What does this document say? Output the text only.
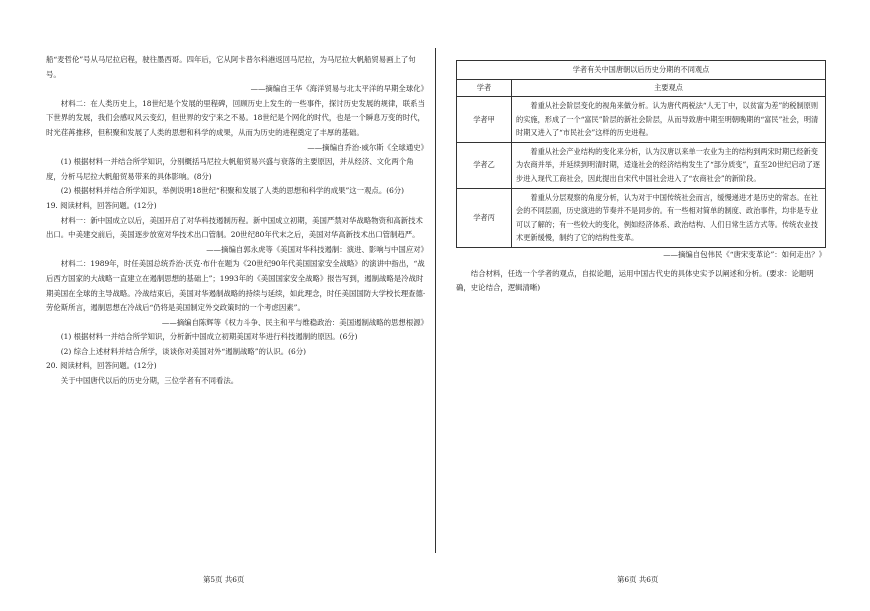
船“麦哲伦”号从马尼拉启程，驶往墨西哥。四年后，它从阿卡普尔科港返回马尼拉，为马尼拉大帆船贸易画上了句号。

——摘编自王华《海洋贸易与北太平洋的早期全球化》

材料二：在人类历史上，18世纪是个发展的里程碑，回顾历史上发生的一些事件，探讨历史发展的规律，联系当下世界的发展，我们会感叹风云变幻，但世界的安宁来之不易。18世纪是个网化的时代，也是一个瞬息万变的时代，时光荏苒推移，但积聚和发展了人类的思想和科学的成果，从而为历史的进程奠定了丰厚的基础。

——摘编自乔治·威尔斯《全球通史》

(1) 根据材料一并结合所学知识，分别概括马尼拉大帆船贸易兴盛与衰落的主要原因，并从经济、文化两个角度，分析马尼拉大帆船贸易带来的具体影响。(8分)

(2) 根据材料并结合所学知识，举例说明18世纪“积聚和发展了人类的思想和科学的成果”这一观点。(6分)

19. 阅读材料，回答问题。(12分)

材料一：新中国成立以后，美国开启了对华科技遏制历程。新中国成立初期，美国严禁对华战略物资和高新技术出口。中美建交前后，美国逐步放宽对华技术出口管制。20世纪80年代末之后，美国对华高新技术出口管制趋严。

——摘编自郭永虎等《美国对华科技遏制：演进、影响与中国应对》

材料二：1989年，时任美国总统乔治·沃克·布什在题为《20世纪90年代美国国家安全战略》的演讲中指出，“战后西方国家的大战略一直建立在遏制思想的基础上”；1993年的《美国国家安全战略》报告写到，遏制战略是冷战时期美国在全球的主导战略。冷战结束后，美国对华遏制战略的持续与延续，如此理念，时任美国国防大学校长理查德·劳伦斯所言，遏制思想在冷战后“仍将是美国制定外交政策时的一个考虑因素”。

——摘编自陈辉等《权力斗争、民主和平与维稳政治：美国遏制战略的思想根源》

(1) 根据材料一并结合所学知识，分析新中国成立初期美国对华进行科技遏制的原因。(6分)

(2) 综合上述材料并结合所学，谈谈你对美国对外“遏制战略”的认识。(6分)

20. 阅读材料，回答问题。(12分)

关于中国唐代以后的历史分期，三位学者有不同看法。

学者有关中国唐朝以后历史分期的不同观点	
学者	主要观点
学者甲	着重从社会阶层变化的视角来做分析。认为唐代两税法“人无丁中，以贫富为差”的税制原则的实施，形成了一个“富民”阶层的新社会阶层，从而导致唐中期至明朝晚期的“富民”社会，明清时期又进入了“市民社会”这样的历史进程。
学者乙	着重从社会产业结构的变化来分析，认为汉唐以来单一农业为主的结构到两宋时期已经新变为农商并举，并延续到明清时期，适逢社会的经济结构发生了“部分质变”，直至20世纪启动了逐步进入现代工商社会，因此提出自宋代中国社会进入了“农商社会”的新阶段。
学者丙	着重从分层观察的角度分析，认为对于中国传统社会而言，缓慢递进才是历史的常态。在社会的不同层面，历史演进的节奏并不是同步的。有一些相对简单的制度、政治事件，均非是专业可以了解的；有一些较大的变化，例如经济体系、政治结构、人们日常生活方式等。传统农业技术更新缓慢，制约了它的结构性变革。

——摘编自包伟民《“唐宋变革论”：如何走出？》

结合材料，任选一个学者的观点，自拟论题，运用中国古代史的具体史实予以阐述和分析。(要求：论题明确，史论结合，逻辑清晰)

第5页 共6页	第6页 共6页
